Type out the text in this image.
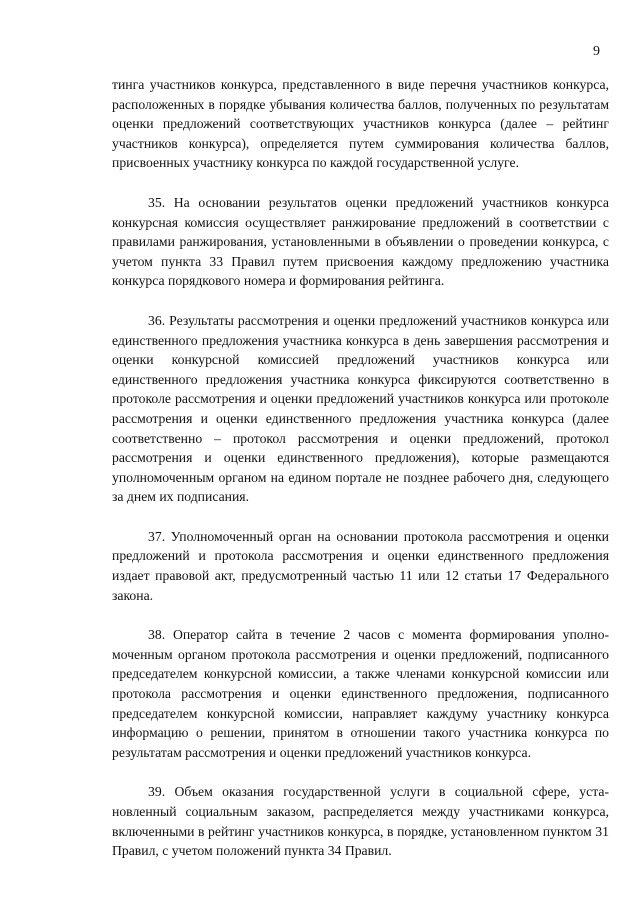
9

тинга участников конкурса, представленного в виде перечня участников конкурса, расположенных в порядке убывания количества баллов, полученных по результатам оценки предложений соответствующих участников конкурса (далее – рейтинг участников конкурса), определяется путем суммирования количества баллов, присвоенных участнику конкурса по каждой государственной услуге.

35. На основании результатов оценки предложений участников конкурса конкурсная комиссия осуществляет ранжирование предложений в соответствии с правилами ранжирования, установленными в объявлении о проведении конкурса, с учетом пункта 33 Правил путем присвоения каждому предложению участника конкурса порядкового номера и формирования рейтинга.

36. Результаты рассмотрения и оценки предложений участников конкурса или единственного предложения участника конкурса в день завершения рассмотрения и оценки конкурсной комиссией предложений участников конкурса или единственного предложения участника конкурса фиксируются соответственно в протоколе рассмотрения и оценки предложений участников конкурса или протоколе рассмотрения и оценки единственного предложения участника конкурса (далее соответственно – протокол рассмотрения и оценки предложений, протокол рассмотрения и оценки единственного предложения), которые размещаются уполномоченным органом на едином портале не позднее рабочего дня, следующего за днем их подписания.

37. Уполномоченный орган на основании протокола рассмотрения и оценки предложений и протокола рассмотрения и оценки единственного предложения издает правовой акт, предусмотренный частью 11 или 12 статьи 17 Федерального закона.

38. Оператор сайта в течение 2 часов с момента формирования уполномоченным органом протокола рассмотрения и оценки предложений, подписанного председателем конкурсной комиссии, а также членами конкурсной комиссии или протокола рассмотрения и оценки единственного предложения, подписанного председателем конкурсной комиссии, направляет каждуму участнику конкурса информацию о решении, принятом в отношении такого участника конкурса по результатам рассмотрения и оценки предложений участников конкурса.

39. Объем оказания государственной услуги в социальной сфере, установленный социальным заказом, распределяется между участниками конкурса, включенными в рейтинг участников конкурса, в порядке, установленном пунктом 31 Правил, с учетом положений пункта 34 Правил.
